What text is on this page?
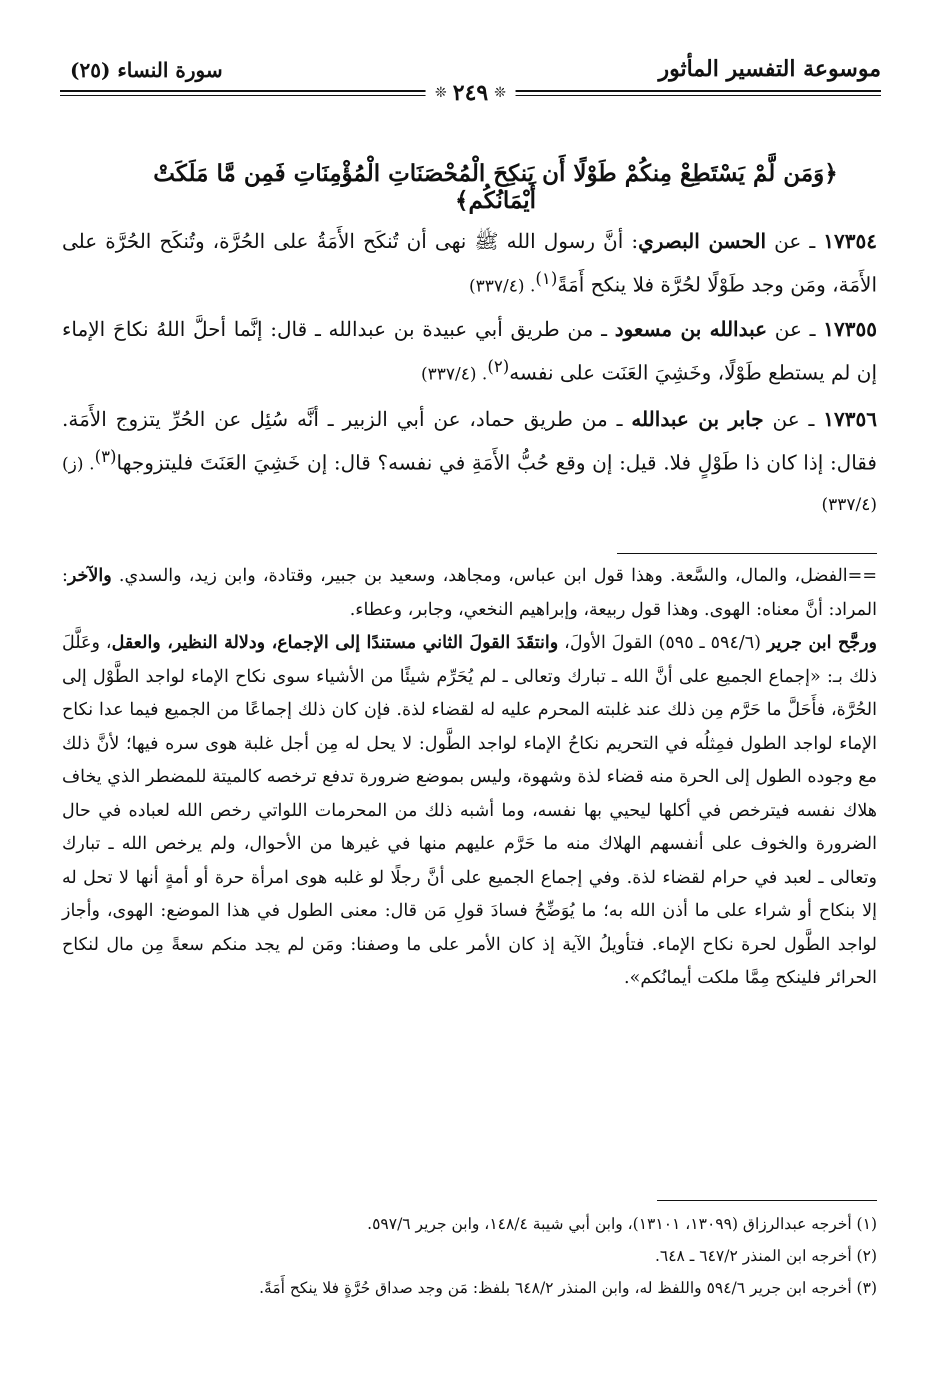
موسوعة التفسير المأثور
سورة النساء (٢٥)
❊ ٢٤٩ ❊
﴿وَمَن لَّمْ يَسْتَطِعْ مِنكُمْ طَوْلًا أَن يَنكِحَ الْمُحْصَنَاتِ الْمُؤْمِنَاتِ فَمِن مَّا مَلَكَتْ أَيْمَانُكُم﴾

١٧٣٥٤ ـ عن الحسن البصري: أنَّ رسول الله ﷺ نهى أن تُنكَح الأَمَةُ على الحُرَّة، وتُنكَح الحُرَّة على الأَمَة، ومَن وجد طَوْلًا لحُرَّة فلا ينكح أَمَةً$^{(١)}$. (٣٣٧/٤)

١٧٣٥٥ ـ عن عبدالله بن مسعود ـ من طريق أبي عبيدة بن عبدالله ـ قال: إنَّما أحلَّ اللهُ نكاحَ الإماء إن لم يستطع طَوْلًا، وخَشِيَ العَنَت على نفسه$^{(٢)}$. (٣٣٧/٤)

١٧٣٥٦ ـ عن جابر بن عبدالله ـ من طريق حماد، عن أبي الزبير ـ أنَّه سُئِل عن الحُرِّ يتزوج الأَمَة. فقال: إذا كان ذا طَوْلٍ فلا. قيل: إن وقع حُبُّ الأَمَةِ في نفسه؟ قال: إن خَشِيَ العَنَتَ فليتزوجها$^{(٣)}$. (ز) (٣٣٧/٤)

==الفضل، والمال، والسَّعة. وهذا قول ابن عباس، ومجاهد، وسعيد بن جبير، وقتادة، وابن زيد، والسدي. والآخر: المراد: أنَّ معناه: الهوى. وهذا قول ربيعة، وإبراهيم النخعي، وجابر، وعطاء.

ورجَّح ابن جرير (٥٩٤/٦ ـ ٥٩٥) القولَ الأولَ، وانتقَدَ القولَ الثاني مستندًا إلى الإجماع، ودلالة النظير، والعقل، وعَلَّلَ ذلك بـ: «إجماع الجميع على أنَّ الله ـ تبارك وتعالى ـ لم يُحَرِّم شيئًا من الأشياء سوى نكاح الإماء لواجد الطَّوْل إلى الحُرَّة، فأَحَلَّ ما حَرَّم مِن ذلك عند غلبته المحرم عليه له لقضاء لذة. فإن كان ذلك إجماعًا من الجميع فيما عدا نكاح الإماء لواجد الطول فمِثلُه في التحريم نكاحُ الإماء لواجد الطَّول: لا يحل له مِن أجل غلبة هوى سره فيها؛ لأنَّ ذلك مع وجوده الطول إلى الحرة منه قضاء لذة وشهوة، وليس بموضع ضرورة تدفع ترخصه كالميتة للمضطر الذي يخاف هلاك نفسه فيترخص في أكلها ليحيي بها نفسه، وما أشبه ذلك من المحرمات اللواتي رخص الله لعباده في حال الضرورة والخوف على أنفسهم الهلاك منه ما حَرَّم عليهم منها في غيرها من الأحوال، ولم يرخص الله ـ تبارك وتعالى ـ لعبد في حرام لقضاء لذة. وفي إجماع الجميع على أنَّ رجلًا لو غلبه هوى امرأة حرة أو أمةٍ أنها لا تحل له إلا بنكاح أو شراء على ما أذن الله به؛ ما يُوَضِّحُ فسادَ قولِ مَن قال: معنى الطول في هذا الموضع: الهوى، وأجاز لواجد الطَّول لحرة نكاح الإماء. فتأويلُ الآية إذ كان الأمر على ما وصفنا: ومَن لم يجد منكم سعةً مِن مال لنكاح الحرائر فلينكح مِمَّا ملكت أيمانُكم».

(١) أخرجه عبدالرزاق (١٣٠٩٩، ١٣١٠١)، وابن أبي شيبة ١٤٨/٤، وابن جرير ٥٩٧/٦.
(٢) أخرجه ابن المنذر ٦٤٧/٢ ـ ٦٤٨.
(٣) أخرجه ابن جرير ٥٩٤/٦ واللفظ له، وابن المنذر ٦٤٨/٢ بلفظ: مَن وجد صداق حُرَّةٍ فلا ينكح أَمَةً.
